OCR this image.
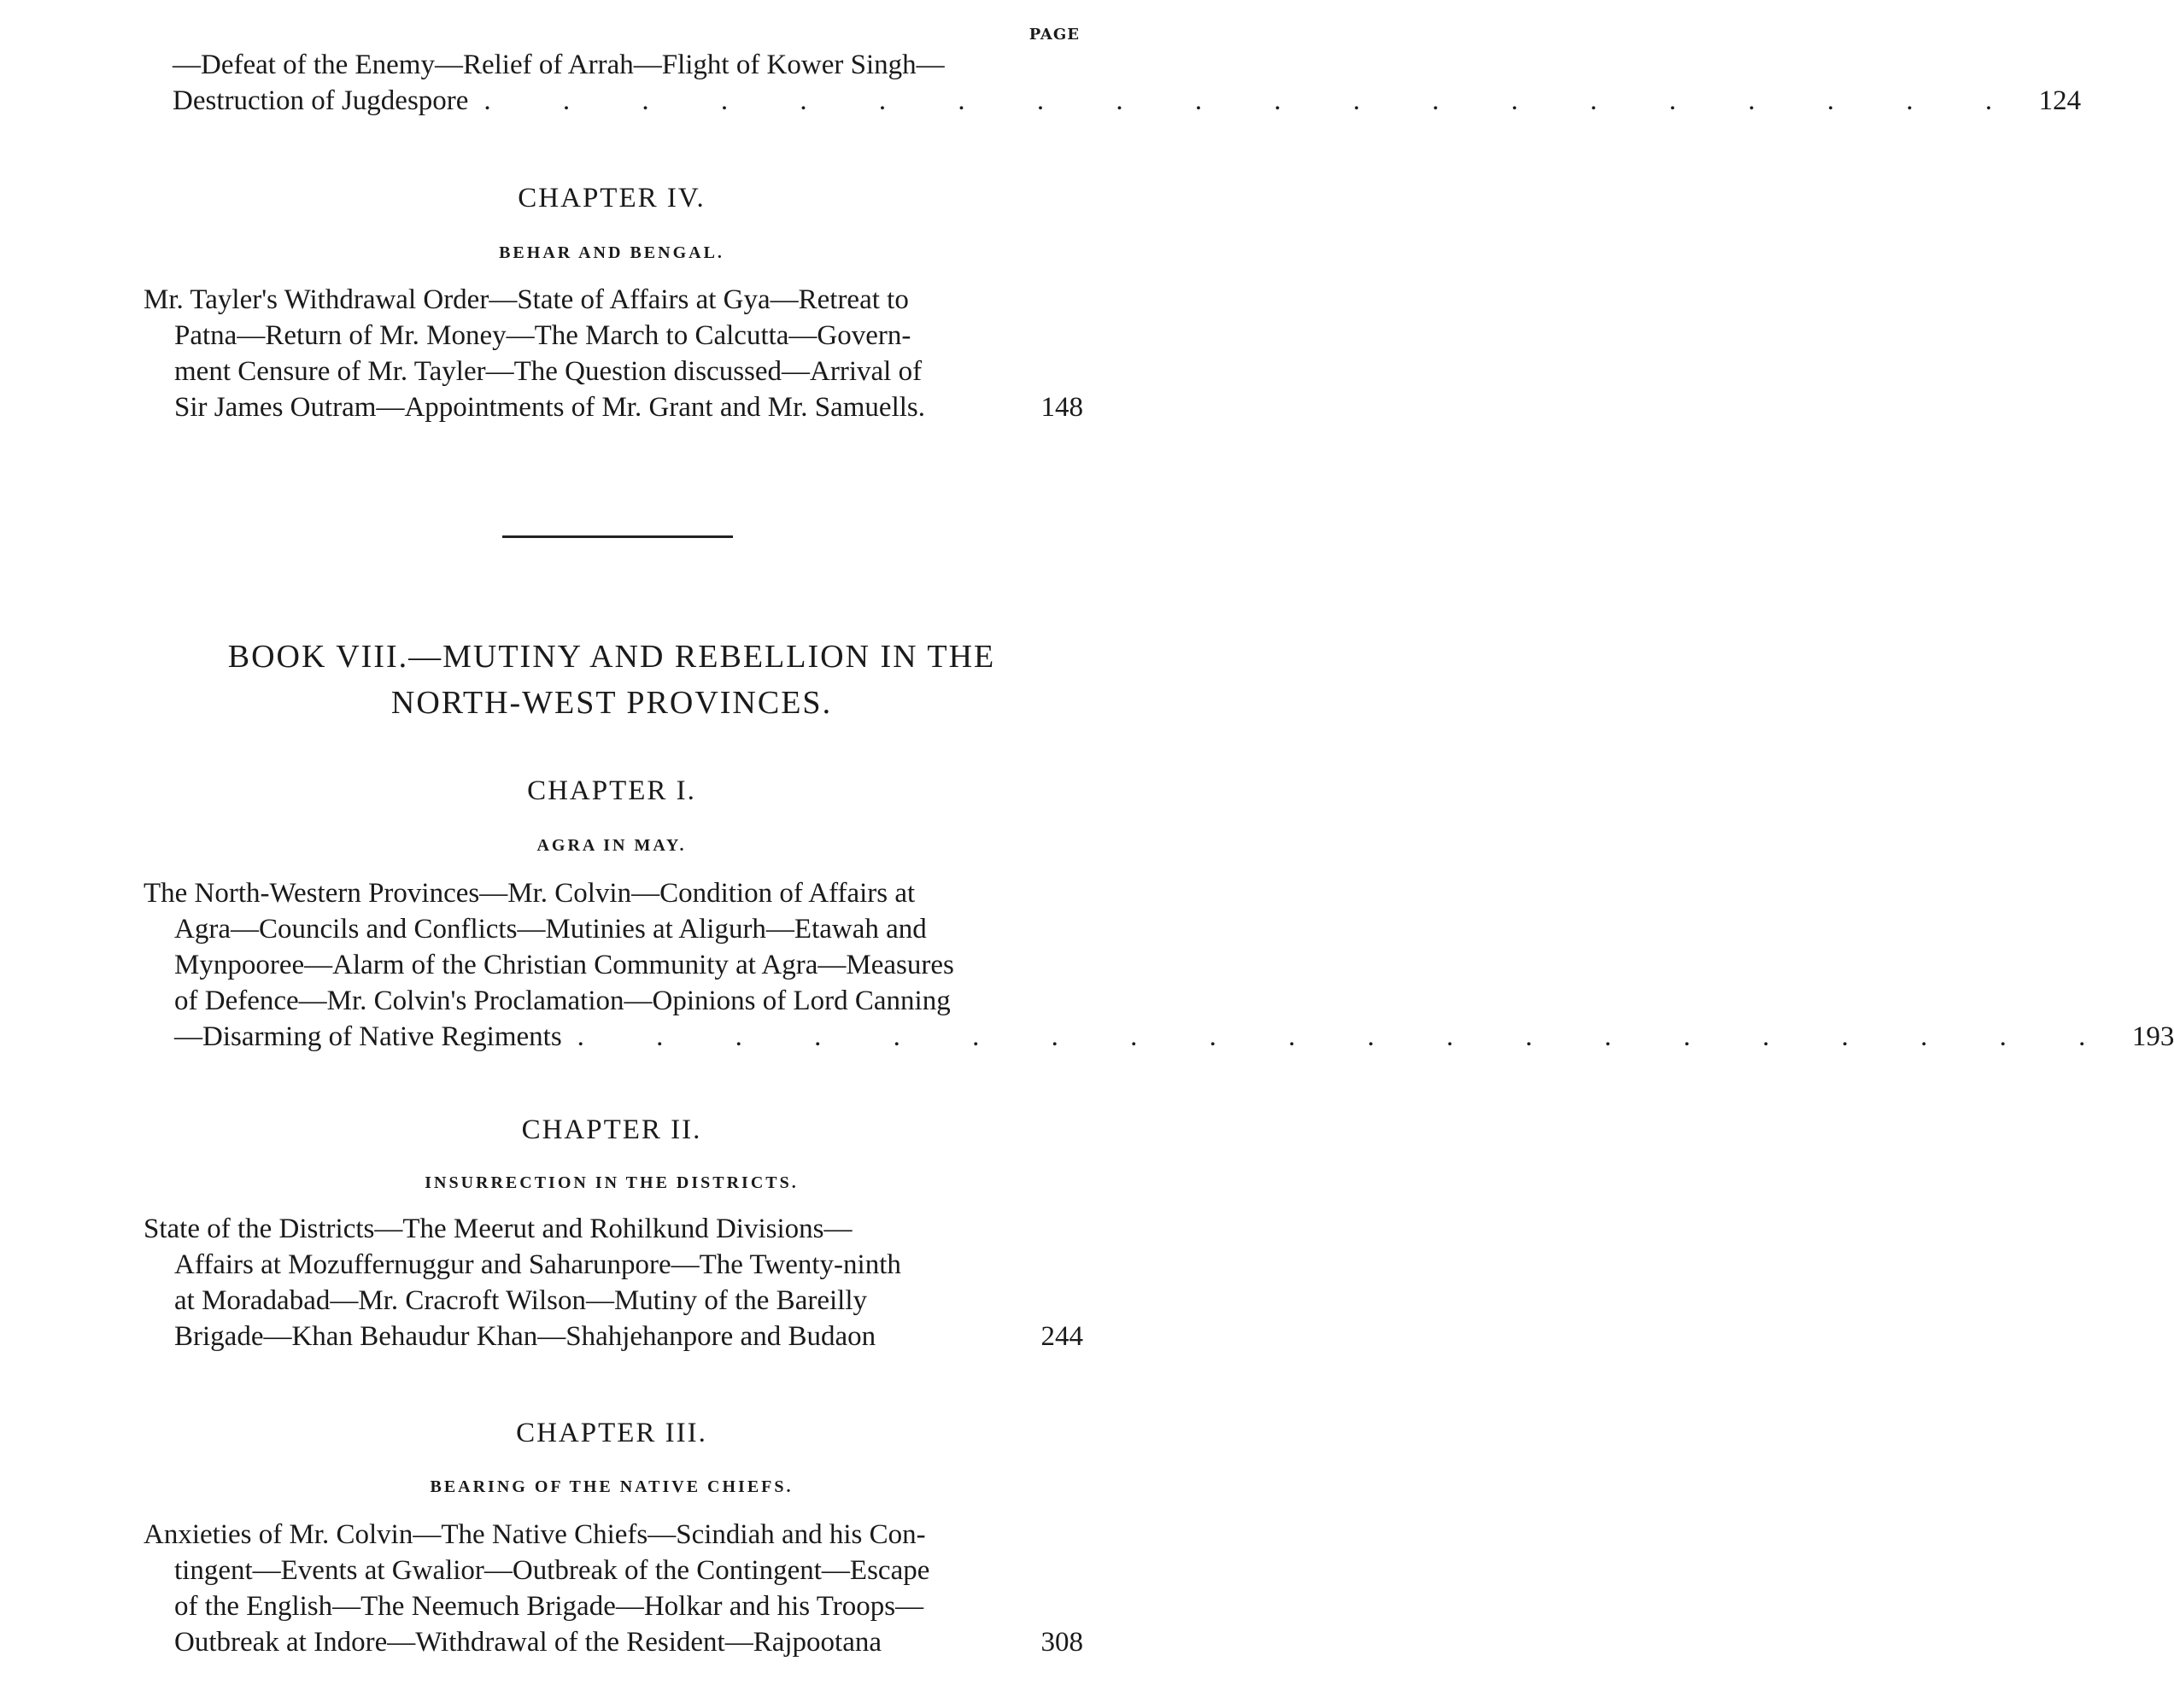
PAGE
—Defeat of the Enemy—Relief of Arrah—Flight of Kower Singh—
Destruction of Jugdespore . . . . . . . . . . . . . . . . . . . . 124
CHAPTER IV.
BEHAR AND BENGAL.
Mr. Tayler's Withdrawal Order—State of Affairs at Gya—Retreat to
Patna—Return of Mr. Money—The March to Calcutta—Govern-
ment Censure of Mr. Tayler—The Question discussed—Arrival of
Sir James Outram—Appointments of Mr. Grant and Mr. Samuells.	148
BOOK VIII.—MUTINY AND REBELLION IN THE
NORTH-WEST PROVINCES.
CHAPTER I.
AGRA IN MAY.
The North-Western Provinces—Mr. Colvin—Condition of Affairs at
Agra—Councils and Conflicts—Mutinies at Aligurh—Etawah and
Mynpooree—Alarm of the Christian Community at Agra—Measures
of Defence—Mr. Colvin's Proclamation—Opinions of Lord Canning
—Disarming of Native Regiments . . . . . . . . . . . . . . . . . . . . 193
CHAPTER II.
INSURRECTION IN THE DISTRICTS.
State of the Districts—The Meerut and Rohilkund Divisions—
Affairs at Mozuffernuggur and Saharunpore—The Twenty-ninth
at Moradabad—Mr. Cracroft Wilson—Mutiny of the Bareilly
Brigade—Khan Behaudur Khan—Shahjehanpore and Budaon	244
CHAPTER III.
BEARING OF THE NATIVE CHIEFS.
Anxieties of Mr. Colvin—The Native Chiefs—Scindiah and his Con-
tingent—Events at Gwalior—Outbreak of the Contingent—Escape
of the English—The Neemuch Brigade—Holkar and his Troops—
Outbreak at Indore—Withdrawal of the Resident—Rajpootana	308
